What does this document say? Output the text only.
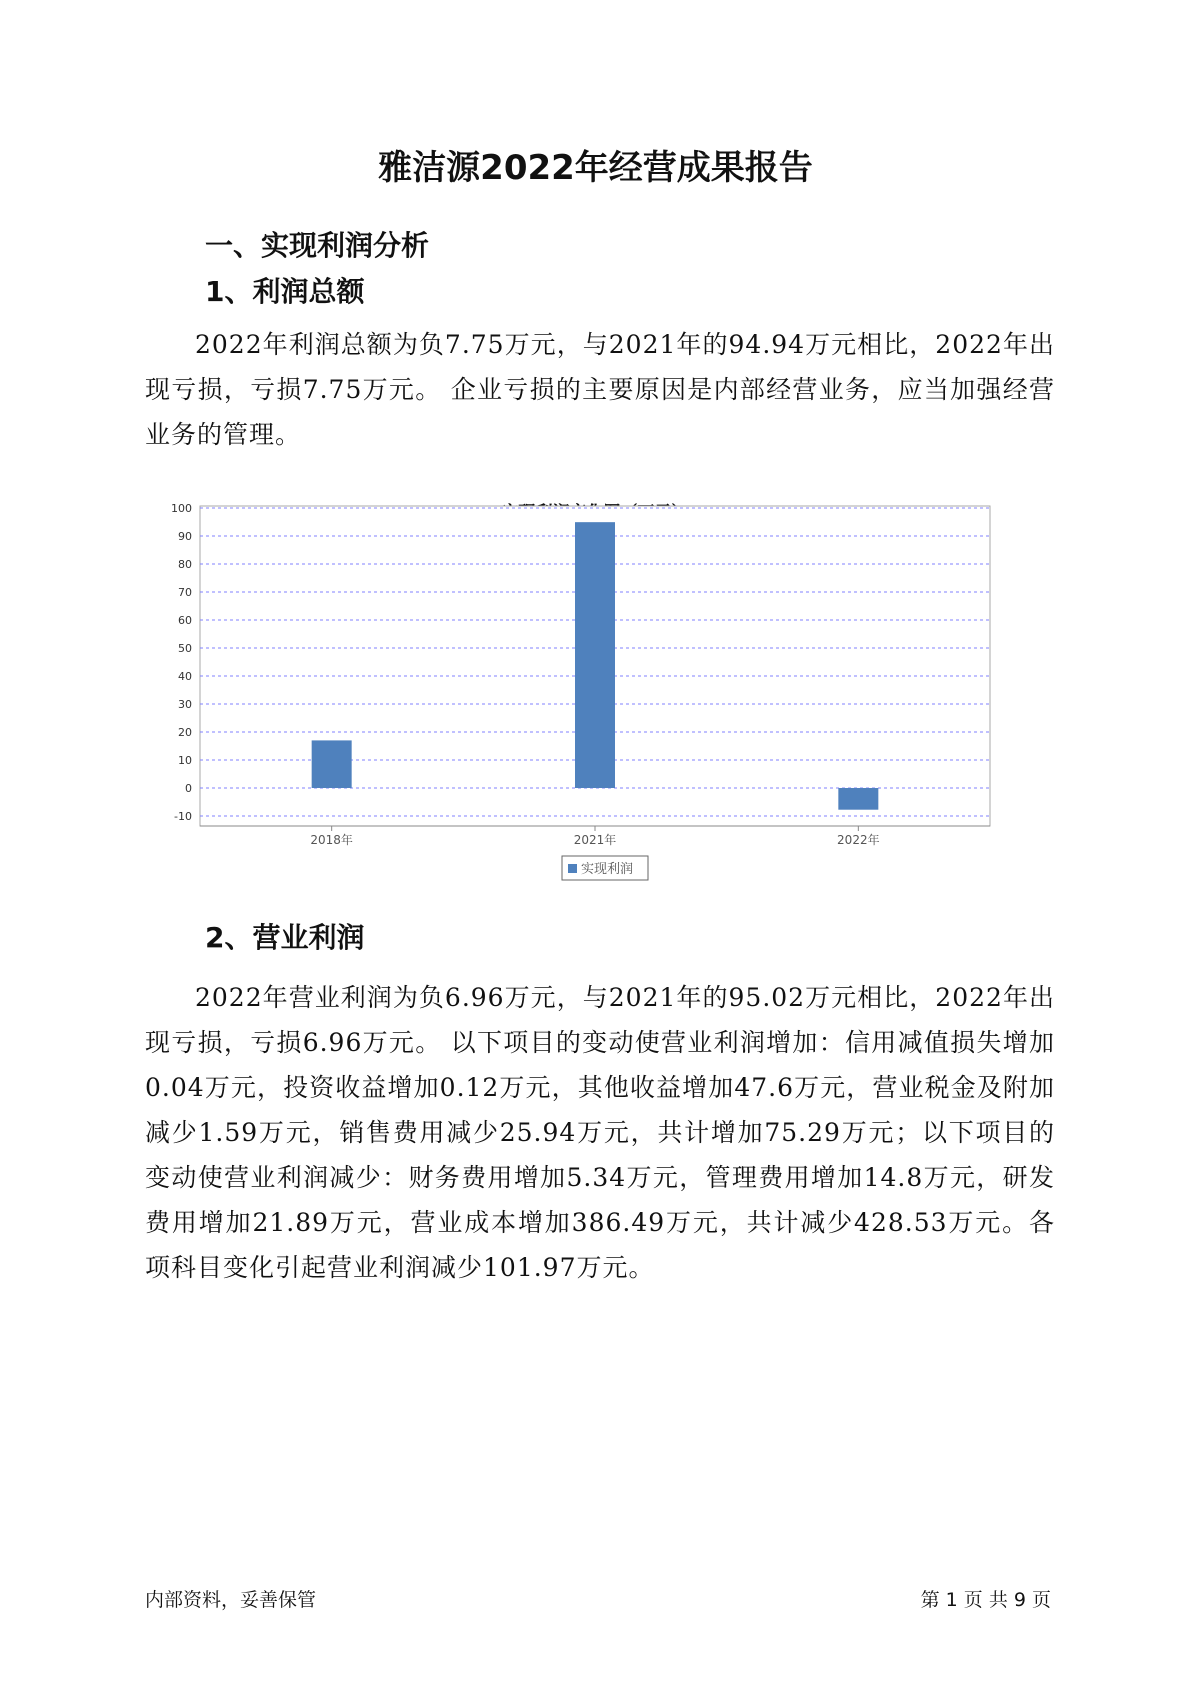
雅洁源2022年经营成果报告
一、实现利润分析
1、利润总额

2022年利润总额为负7.75万元，与2021年的94.94万元相比，2022年出现亏损，亏损7.75万元。 企业亏损的主要原因是内部经营业务，应当加强经营业务的管理。

100
90
80
70
60
50
40
30
20
10
0
-10
2018年	2021年	2022年
实现利润
2、营业利润

2022年营业利润为负6.96万元，与2021年的95.02万元相比，2022年出现亏损，亏损6.96万元。 以下项目的变动使营业利润增加：信用减值损失增加0.04万元，投资收益增加0.12万元，其他收益增加47.6万元，营业税金及附加减少1.59万元，销售费用减少25.94万元，共计增加75.29万元；以下项目的变动使营业利润减少：财务费用增加5.34万元，管理费用增加14.8万元，研发费用增加21.89万元，营业成本增加386.49万元，共计减少428.53万元。各项科目变化引起营业利润减少101.97万元。

内部资料，妥善保管	第 1 页 共 9 页
